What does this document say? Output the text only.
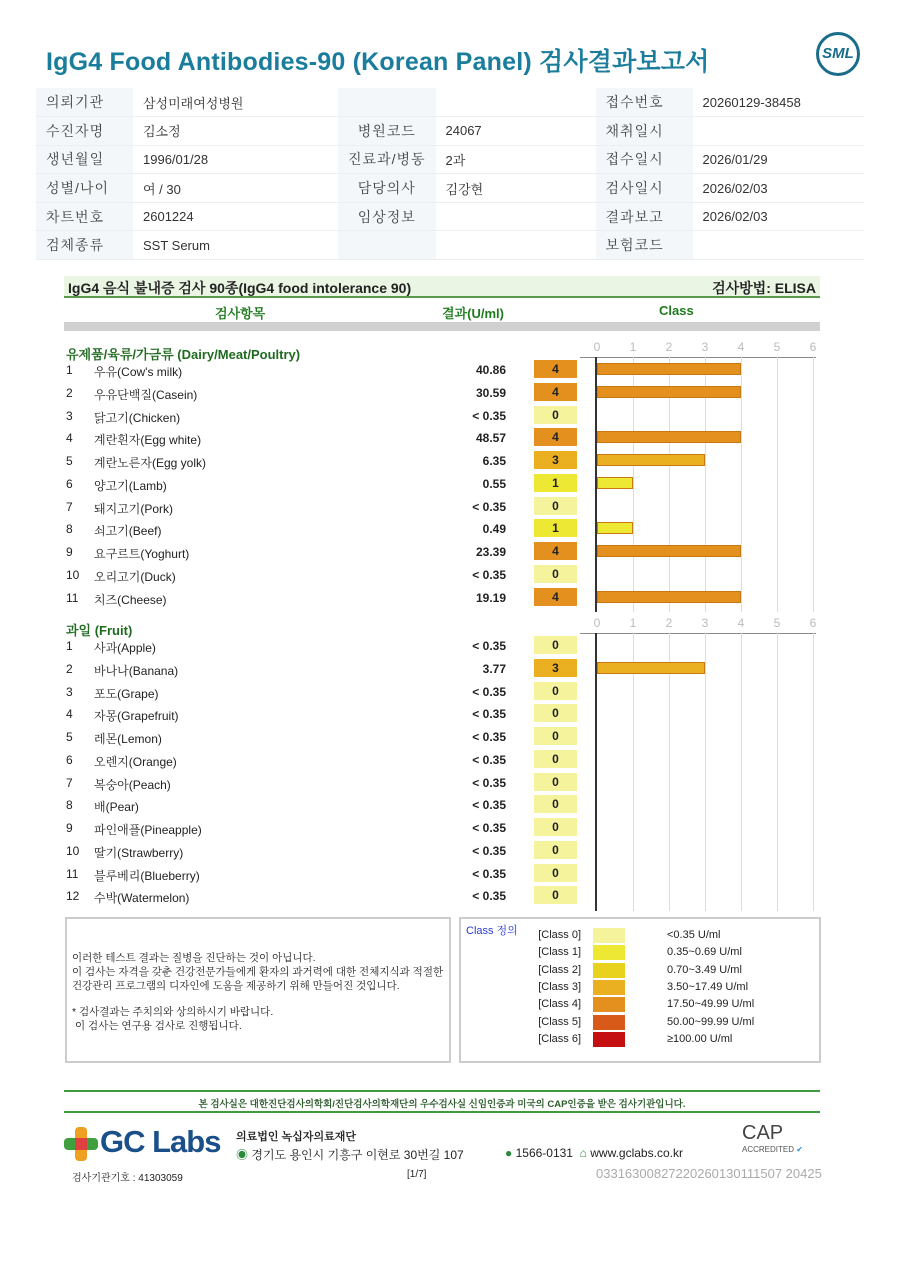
IgG4 Food Antibodies-90 (Korean Panel) 검사결과보고서	SML
의뢰기관	삼성미래여성병원			접수번호	20260129-38458
수진자명	김소정	병원코드	24067	채취일시	
생년월일	1996/01/28	진료과/병동	2과	접수일시	2026/01/29
성별/나이	여 / 30	담당의사	김강현	검사일시	2026/02/03
차트번호	2601224	임상정보		결과보고	2026/02/03
검체종류	SST Serum			보험코드	
IgG4 음식 불내증 검사 90종(IgG4 food intolerance 90)	검사방법: ELISA
검사항목	결과(U/ml)	Class
유제품/육류/가금류 (Dairy/Meat/Poultry)	0	1	2	3	4	5	6
1 우유(Cow's milk)	40.86	4
2 우유단백질(Casein)	30.59	4
3 닭고기(Chicken)	< 0.35	0
4 계란흰자(Egg white)	48.57	4
5 계란노른자(Egg yolk)	6.35	3
6 양고기(Lamb)	0.55	1
7 돼지고기(Pork)	< 0.35	0
8 쇠고기(Beef)	0.49	1
9 요구르트(Yoghurt)	23.39	4
10 오리고기(Duck)	< 0.35	0
11 치즈(Cheese)	19.19	4
과일 (Fruit)	0	1	2	3	4	5	6
1 사과(Apple)	< 0.35	0
2 바나나(Banana)	3.77	3
3 포도(Grape)	< 0.35	0
4 자몽(Grapefruit)	< 0.35	0
5 레몬(Lemon)	< 0.35	0
6 오렌지(Orange)	< 0.35	0
7 복숭아(Peach)	< 0.35	0
8 배(Pear)	< 0.35	0
9 파인애플(Pineapple)	< 0.35	0
10 딸기(Strawberry)	< 0.35	0
11 블루베리(Blueberry)	< 0.35	0
12 수박(Watermelon)	< 0.35	0
이러한 테스트 결과는 질병을 진단하는 것이 아닙니다.
이 검사는 자격을 갖춘 건강전문가들에게 환자의 과거력에 대한 전체지식과 적절한
건강관리 프로그램의 디자인에 도움을 제공하기 위해 만들어진 것입니다.
* 검사결과는 주치의와 상의하시기 바랍니다.
이 검사는 연구용 검사로 진행됩니다.
Class 정의	[Class 0]	<0.35 U/ml
[Class 1]	0.35~0.69 U/ml
[Class 2]	0.70~3.49 U/ml
[Class 3]	3.50~17.49 U/ml
[Class 4]	17.50~49.99 U/ml
[Class 5]	50.00~99.99 U/ml
[Class 6]	≥100.00 U/ml
본 검사실은 대한진단검사의학회/진단검사의학재단의 우수검사실 신임인증과 미국의 CAP인증을 받은 검사기관입니다.
GC Labs 의료법인 녹십자의료재단
◉ 경기도 용인시 기흥구 이현로 30번길 107	● 1566-0131 ⌂ www.gclabs.co.kr
CAP
ACCREDITED ✔
검사기관기호 : 41303059	[1/7]	03316300827220260130111507 20425
